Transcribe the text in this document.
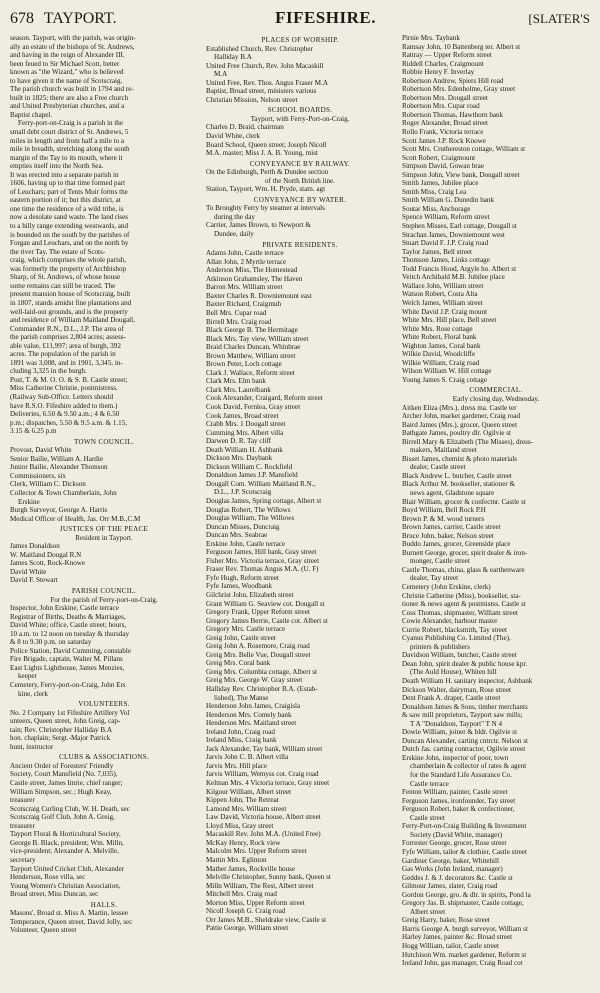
678 TAYPORT.	FIFESHIRE.	[SLATER'S
season. Tayport, with the parish, was origin-
ally an estate of the bishops of St. Andrews,
and having in the reign of Alexander III.
been feued to Sir Michael Scott, better
known as "the Wizard," who is believed
to have given it the name of Scotscraig.
The parish church was built in 1794 and re-
built in 1825; there are also a Free church
and United Presbyterian churches, and a
Baptist chapel.
Ferry-port-on-Craig is a parish in the
small debt court district of St. Andrews, 5
miles in length and from half a mile to a
mile in breadth, stretching along the south
margin of the Tay to its mouth, where it
empties itself into the North Sea.
It was erected into a separate parish in
1606, having up to that time formed part
of Leuchars; part of Tents Muir forms the
eastern portion of it; but this district, at
one time the residence of a wild tribe, is
now a desolate sand waste. The land rises
to a hilly range extending westwards, and
is bounded on the south by the parishes of
Forgan and Leuchars, and on the north by
the river Tay. The estate of Scots-
craig, which comprises the whole parish,
was formerly the property of Archbishop
Sharp, of St. Andrews, of whose house
some remains can still be traced. The
present mansion house of Scotscraig, built
in 1807, stands amidst fine plantations and
well-laid-out grounds, and is the property
and residence of William Maitland Dougall,
Commander R.N., D.L., J.P. The area of
the parish comprises 2,804 acres; assess-
able value, £11,997; area of burgh, 392
acres. The population of the parish in
1891 was 3,008, and in 1901, 3,345, in-
cluding 3,325 in the burgh.
Post, T. & M. O. O. & S. B. Castle street;
Miss Catherine Christie, postmistress.
(Railway Sub-Office. Letters should
have R.S.O. Fifeshire added to them.)
Deliveries, 6.50 & 9.50 a.m.; 4 & 6.50
p.m.; dispatches, 5.50 & 9.5 a.m. & 1.15,
3.15 & 6.25 p.m
TOWN COUNCIL.
Provost, David White
Senior Bailie, William A. Hardie
Junior Bailie, Alexander Thomson
Commissioners, six
Clerk, William C. Dickson
Collector & Town Chamberlain, John
Erskine
Burgh Surveyor, George A. Harris
Medical Officer of Health, Jas. Orr M.B.,C.M
JUSTICES OF THE PEACE
Resident in Tayport.
James Donaldson
W. Maitland Dougal R.N
James Scott, Rock-Knowe
David White
David F. Stewart
PARISH COUNCIL.
For the parish of Ferry-port-on-Craig.
Inspector, John Erskine, Castle terrace
Registrar of Births, Deaths & Marriages,
David White; office, Castle street; hours,
10 a.m. to 12 noon on tuesday & thursday
& 8 to 9.30 p.m. on saturday
Police Station, David Cumming, constable
Fire Brigade, captain, Walter M. Pillans
East Lights Lighthouse, James Menzies,
keeper
Cemetery, Ferry-port-on-Craig, John Ers
kine, clerk
VOLUNTEERS.
No. 2 Company 1st Fifeshire Artillery Vol
unteers, Queen street, John Greig, cap-
tain; Rev. Christopher Halliday B.A
hon. chaplain; Sergt.-Major Patrick
hunt, instructor
CLUBS & ASSOCIATIONS.
Ancient Order of Foresters' Friendly
Society, Court Mansfield (No. 7,035),
Castle street, James Imrie, chief ranger;
William Simpson, sec.; Hugh Keay,
treasurer
Scotscraig Curling Club, W. H. Death, sec
Scotscraig Golf Club, John A. Greig,
treasurer
Tayport Floral & Horticultural Society,
George B. Black, president; Wm. Milln,
vice-president; Alexander A. Melville,
secretary
Tayport United Cricket Club, Alexander
Henderson, Rose villa, sec
Young Women's Christian Association,
Broad street, Miss Duncan, sec
HALLS.
Masons', Broad st. Miss A. Martin, lessee
Temperance, Queen street, David Jolly, sec
Volunteer, Queen street
PLACES OF WORSHIP.
Established Church, Rev. Christopher
Halliday B.A
United Free Church, Rev. John Macaskill
M.A
United Free, Rev. Thos. Angus Fraser M.A
Baptist, Broad street, ministers various
Christian Mission, Nelson street
SCHOOL BOARDS.
Tayport, with Ferry-Port-on-Craig.
Charles D. Braid, chairman
David White, clerk
Board School, Queen street; Joseph Nicoll
M.A. master; Miss J. A. B. Young, mist
CONVEYANCE BY RAILWAY.
On the Edinburgh, Perth & Dundee section
of the North British line.
Station, Tayport, Wm. H. Pryde, statn. agt
CONVEYANCE BY WATER.
To Broughty Ferry by steamer at intervals
during the day
Carrier, James Brown, to Newport &
Dundee, daily
PRIVATE RESIDENTS.
Adams John, Castle terrace
Allan John, 2 Myrtle terrace
Anderson Miss, The Homestead
Atkinson Grahamsley, The Haven
Barron Mrs. William street
Baxter Charles R. Downiemount east
Baxter Richard, Craigmuh
Bell Mrs. Cupar road
Birrell Mrs. Craig road
Black George B. The Hermitage
Black Mrs. Tay view, William street
Braid Charles Duncan, Whinbrae
Brown Matthew, William street
Brown Peter, Loch cottage
Clark J. Wallace, Reform street
Clark Mrs. Elm bank
Clark Mrs. Laurelbank
Cook Alexander, Craigard, Reform street
Cook David, Fernlea, Gray street
Cook James, Broad street
Crabb Mrs. 1 Dougall street
Cumming Mrs. Albert villa
Darwen D. R. Tay cliff
Death William H. Ashbank
Dickson Mrs. Daybank
Dickson William C. Rockfield
Donaldson James J.P. Mansfield
Dougall Com. William Maitland R.N.,
D.L., J.P. Scotscraig
Douglas James, Spring cottage, Albert st
Douglas Robert, The Willows
Douglas William, The Willows
Duncan Misses, Duncraig
Duncan Mrs. Seabrae
Erskine John, Castle terrace
Ferguson James, Hill bank, Gray street
Fisher Mrs. Victoria terrace, Gray street
Fraser Rev. Thomas Angus M.A. (U. F)
Fyfe Hugh, Reform street
Fyfe James, Woodbank
Gilchrist John, Elizabeth street
Grant William G. Seaview cot. Dougall st
Gregory Frank, Upper Reform street
Gregory James Berrie, Castle cot. Albert st
Gregory Mrs. Castle terrace
Greig John, Castle street
Greig John A. Rosemore, Craig road
Greig Mrs. Belle Vue, Dougall street
Greig Mrs. Coral bank
Greig Mrs. Columbia cottage, Albert st
Greig Mrs. George W. Gray street
Halliday Rev. Christopher B.A. (Estab-
lished), The Manse
Henderson John James, Craigisla
Henderson Mrs. Comely bank
Henderson Mrs. Maitland street
Ireland John, Craig road
Ireland Miss, Craig bank
Jack Alexander, Tay bank, William street
Jarvis John C. B. Albert villa
Jarvis Mrs. Hill place
Jarvis William, Wemyss cot. Craig road
Kelman Mrs. 4 Victoria terrace, Gray street
Kilgour William, Albert street
Kippen John, The Retreat
Lamond Mrs. William street
Law David, Victoria house, Albert street
Lloyd Miss, Gray street
Macaskill Rev. John M.A. (United Free)
McKay Henry, Rock view
Malcolm Mrs. Upper Reform street
Martin Mrs. Eglinton
Mather James, Rockville house
Melville Christopher, Sunny bank, Queen st
Milln William, The Rest, Albert street
Mitchell Mrs. Craig road
Morton Miss, Upper Reform street
Nicoll Joseph G. Craig road
Orr James M.B., Sheldrake view, Castle st
Pattie George, William street
Pirnie Mrs. Taybank
Ramsay John, 10 Battenberg ter. Albert st
Rattray — Upper Reform street
Riddell Charles, Craigmount
Robbie Henry F. Inverlay
Robertson Andrew, Spiers Hill road
Robertson Mrs. Edenholme, Gray street
Robertson Mrs. Dougall street
Robertson Mrs. Cupar road
Robertson Thomas, Hawthorn bank
Roger Alexander, Broad street
Rollo Frank, Victoria terrace
Scott James J.P. Rock Knowe
Scott Mrs. Cruthereston cottage, William st
Scott Robert, Craigmount
Simpson David, Gowan brae
Simpson John, View bank, Dougall street
Smith James, Jubilee place
Smith Miss, Craig Lea
Smith William G. Dunedin bank
Soutar Miss, Anchorage
Spence William, Reform street
Stephen Misses, Earl cottage, Dougall st
Strachan James, Downiemount west
Stuart David F. J.P. Craig road
Taylor James, Bell street
Thomson James, Links cottage
Todd Francis Hood, Argyle ho. Albert st
Veitch Archibald M.B. Jubilee place
Wallace John, William street
Watson Robert, Costa Alta
Welch James, William street
White David J.P. Craig mount
White Mrs. Hill place, Bell street
White Mrs. Rose cottage
White Robert, Floral bank
Wighton James, Coral bank
Wilkie David, Woodcliffe
Wilkie William, Craig road
Wilson William W. Hill cottage
Young James S. Craig cottage
COMMERCIAL.
Early closing day, Wednesday.
Aitken Eliza (Mrs.), dress ma. Castle ter
Archer John, market gardener, Craig road
Baird James (Mrs.), grocer, Queen street
Bathgate James, poultry dlr. Ogilvie st
Birrell Mary & Elizabeth (The Misses), dress-
makers, Maitland street
Bisset James, chemist & photo materials
dealer, Castle street
Black Andrew L. butcher, Castle street
Black Arthur M. bookseller, stationer &
news agent, Gladstone square
Blair William, grocer & confectnr. Castle st
Boyd William, Bell Rock P.H
Brown P. & M. wood turners
Brown James, carrier, Castle street
Bruce John, baker, Nelson street
Buddo James, grocer, Greenside place
Burnett George, grocer, spirit dealer & iron-
monger, Castle street
Castle Thomas, china, glass & earthenware
dealer, Tay street
Cemetery (John Erskine, clerk)
Christie Catherine (Miss), bookseller, sta-
tioner & news agent & postmistss. Castle st
Coss Thomas, shipmaster, William street
Cowie Alexander, harbour master
Currie Robert, blacksmith, Tay street
Cyanus Publishing Co. Limited (The),
printers & publishers
Davidson William, butcher, Castle street
Dean John, spirit dealer & public house kpr.
(The Auld House), Whiten hill
Death William H. sanitary inspector, Ashbank
Dickson Walter, dairyman, Rose street
Dent Frank A. draper, Castle street
Donaldson James & Sons, timber merchants
& saw mill proprietors, Tayport saw mills;
T A "Donaldson, Tayport" T N 4
Dowie William, joiner & bldr. Ogilvie st
Duncan Alexander, carting cntrctr. Nelson st
Dutch Jas. carting contractor, Ogilvie street
Erskine John, inspector of poor, town
chamberlain & collector of rates & agent
for the Standard Life Assurance Co.
Castle terrace
Fenton William, painter, Castle street
Ferguson James, ironfounder, Tay street
Ferguson Robert, baker & confectioner,
Castle street
Ferry-Port-on-Craig Building & Investment
Society (David White, manager)
Forrester George, grocer, Rose street
Fyfe William, tailor & clothier, Castle street
Gardiner George, baker, Whitehill
Gas Works (John Ireland, manager)
Geddes J. & J. decorators &c. Castle st
Gilmour James, slater, Craig road
Gordon George, gro. & dlr. in spirits, Pond la
Gregory Jas. B. shipmaster, Castle cottage,
Albert street
Greig Harry, baker, Rose street
Harris George A. burgh surveyor, William st
Harley James, painter &c. Broad street
Hogg William, tailor, Castle street
Hutchison Wm. market gardener, Reform st
Ireland John, gas manager, Craig Road cot
